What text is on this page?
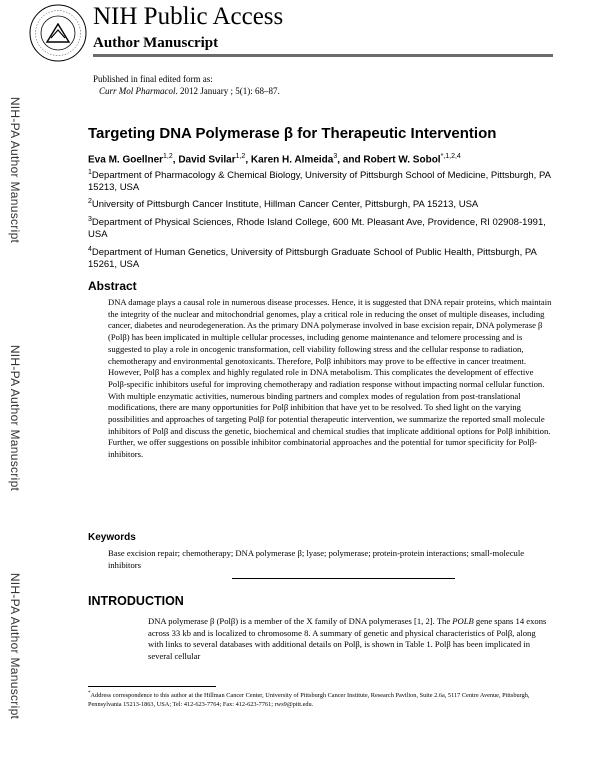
NIH Public Access
Author Manuscript
Curr Mol Pharmacol. Author manuscript; available in PMC 2014 January 17.
Published in final edited form as:
Curr Mol Pharmacol. 2012 January ; 5(1): 68–87.
NIH-PA Author Manuscript
NIH-PA Author Manuscript
NIH-PA Author Manuscript
Targeting DNA Polymerase β for Therapeutic Intervention
Eva M. Goellner$^{1,2}$, David Svilar$^{1,2}$, Karen H. Almeida$^3$, and Robert W. Sobol$^{*,1,2,4}$
$^1$Department of Pharmacology & Chemical Biology, University of Pittsburgh School of Medicine, Pittsburgh, PA 15213, USA
$^2$University of Pittsburgh Cancer Institute, Hillman Cancer Center, Pittsburgh, PA 15213, USA
$^3$Department of Physical Sciences, Rhode Island College, 600 Mt. Pleasant Ave, Providence, RI 02908-1991, USA
$^4$Department of Human Genetics, University of Pittsburgh Graduate School of Public Health, Pittsburgh, PA 15261, USA
Abstract
DNA damage plays a causal role in numerous disease processes. Hence, it is suggested that DNA repair proteins, which maintain the integrity of the nuclear and mitochondrial genomes, play a critical role in reducing the onset of multiple diseases, including cancer, diabetes and neurodegeneration. As the primary DNA polymerase involved in base excision repair, DNA polymerase β (Polβ) has been implicated in multiple cellular processes, including genome maintenance and telomere processing and is suggested to play a role in oncogenic transformation, cell viability following stress and the cellular response to radiation, chemotherapy and environmental genotoxicants. Therefore, Polβ inhibitors may prove to be effective in cancer treatment. However, Polβ has a complex and highly regulated role in DNA metabolism. This complicates the development of effective Polβ-specific inhibitors useful for improving chemotherapy and radiation response without impacting normal cellular function. With multiple enzymatic activities, numerous binding partners and complex modes of regulation from post-translational modifications, there are many opportunities for Polβ inhibition that have yet to be resolved. To shed light on the varying possibilities and approaches of targeting Polβ for potential therapeutic intervention, we summarize the reported small molecule inhibitors of Polβ and discuss the genetic, biochemical and chemical studies that implicate additional options for Polβ inhibition. Further, we offer suggestions on possible inhibitor combinatorial approaches and the potential for tumor specificity for Polβ-inhibitors.
Keywords
Base excision repair; chemotherapy; DNA polymerase β; lyase; polymerase; protein-protein interactions; small-molecule inhibitors
INTRODUCTION
DNA polymerase β (Polβ) is a member of the X family of DNA polymerases [1, 2]. The POLB gene spans 14 exons across 33 kb and is localized to chromosome 8. A summary of genetic and physical characteristics of Polβ, along with links to several databases with additional details on Polβ, is shown in Table 1. Polβ has been implicated in several cellular
*Address correspondence to this author at the Hillman Cancer Center, University of Pittsburgh Cancer Institute, Research Pavilion, Suite 2.6a, 5117 Centre Avenue, Pittsburgh, Pennsylvania 15213-1863, USA; Tel: 412-623-7764; Fax: 412-623-7761; rws9@pitt.edu.
